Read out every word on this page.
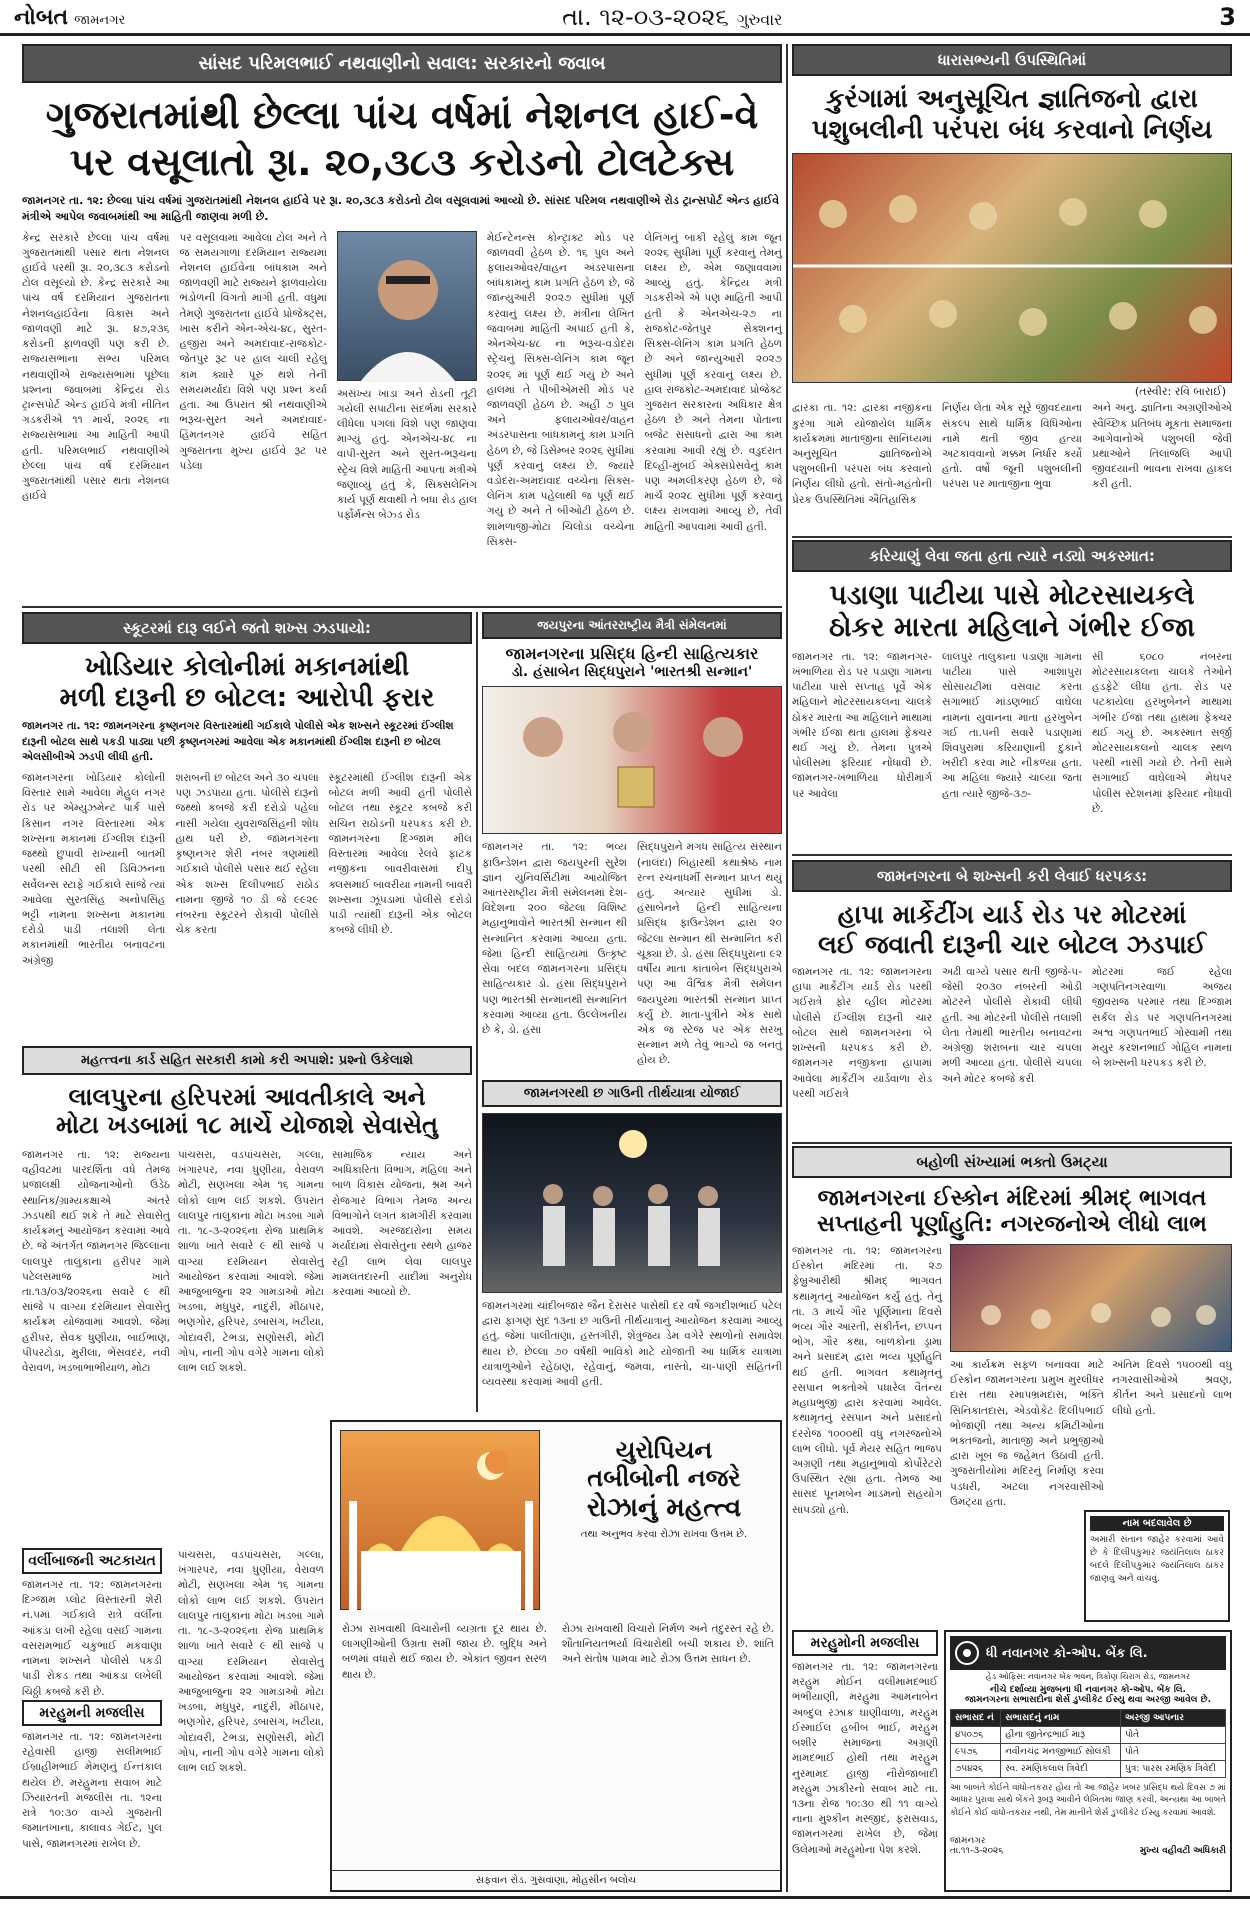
નોબત જામનગર	તા. ૧૨-૦૩-૨૦૨૬ ગુરુવાર	3
સાંસદ પરિમલભાઈ નથવાણીનો સવાલ: સરકારનો જવાબ
ગુજરાતમાંથી છેલ્લા પાંચ વર્ષમાં નેશનલ હાઈ-વે
પર વસૂલાતો રૂા. ૨૦,૩૮૩ કરોડનો ટોલટેક્સ
જામનગર તા. ૧૨: છેલ્લા પાંચ વર્ષમાં ગુજરાતમાંથી નેશનલ હાઈવે પર રૂા. ૨૦,૩૮૩ કરોડનો ટોલ વસૂલવામાં આવ્યો છે. સાંસદ પરિમલ નથવાણીએ રોડ ટ્રાન્સપોર્ટ એન્ડ હાઈવે મંત્રીએ આપેલ જવાબમાંથી આ માહિતી જાણવા મળી છે.
કેન્દ્ર સરકારે છેલ્લા પાંચ વર્ષમાં ગુજરાતમાંથી પસાર થતા નેશનલ હાઈવે પરથી રૂા. ૨૦,૩૮૩ કરોડનો ટોલ વસૂલ્યો છે. કેન્દ્ર સરકારે આ પાંચ વર્ષ દરમિયાન ગુજરાતના નેશનલહાઈવેના વિકાસ અને જાળવણી માટે રૂા. ૪૭,૨૩૬ કરોડની ફાળવણી પણ કરી છે. રાજ્યસભાના સભ્ય પરિમલ નથવાણીએ રાજ્યસભામાં પૂછેલા પ્રશ્નના જવાબમાં કેન્દ્રિય રોડ ટ્રાન્સપોર્ટ એન્ડ હાઈવે મંત્રી નીતિન ગડકરીએ ૧૧ માર્ચ, ૨૦૨૬ ના રાજ્યસભામાં આ માહિતી આપી હતી. પરિમલભાઈ નથવાણીએ છેલ્લા પાંચ વર્ષ દરમિયાન ગુજરાતમાંથી પસાર થતા નેશનલ હાઈવે
પર વસૂલવામાં આવેલા ટોલ અને તે જ સમયગાળા દરમિયાન રાજ્યમાં નેશનલ હાઈવેના બાંધકામ અને જાળવણી માટે રાજ્યને ફાળવાયેલા ભંડોળની વિગતો માગી હતી. વધુમાં તેમણે ગુજરાતના હાઈવે પ્રોજેક્ટ્સ, ખાસ કરીને એન-એચ-૪૮, સુરત-હજીરા અને અમદાવાદ-રાજકોટ-જેતપુર રૂટ પર હાલ ચાલી રહેલું કામ ક્યારે પૂરું થશે તેની સમયમર્યાદા વિશે પણ પ્રશ્ન કર્યા હતા. આ ઉપરાંત શ્રી નથવાણીએ ભરૂચ-સુરત અને અમદાવાદ-હિંમતનગર હાઈવે સહિત ગુજરાતના મુખ્ય હાઈવે રૂટ પર પડેલા
અસંખ્ય ખાડા અને રોડની તૂટી ગયેલી સપાટીના સંદર્ભમાં સરકારે લીધેલા પગલાં વિશે પણ જાણવા માગ્યું હતું. એનએચ-૪૮ ના વાપી-સુરત અને સુરત-ભરૂચના સ્ટ્રેચ વિશે માહિતી આપતા મંત્રીએ જણાવ્યું હતું કે, સિક્સલેનિંગ કાર્ય પૂર્ણ થવાથી તે બધા રોડ હાલ પર્ફોર્મન્સ બેઝ્ડ રોડ
મેઈન્ટેનન્સ કોન્ટ્રાક્ટ મોડ પર જાળવવી હેઠળ છે. ૧૬ પુલ અને ફલાયઓવર/વાહન અંડરપાસના બાંધકામનું કામ પ્રગતિ હેઠળ છે, જે જાન્યુઆરી ૨૦૨૭ સુધીમાં પૂર્ણ કરવાનું લક્ષ્ય છે. મંત્રીના લેખિત જવાબમાં માહિતી અપાઈ હતી કે, એનએચ-૪૮ ના ભરૂચ-વડોદરા સ્ટ્રેચનું સિક્સ-લેનિંગ કામ જૂન ૨૦૨૬ માં પૂર્ણ થઈ ગયું છે અને હાલમાં તે પીબીએમસી મોડ પર જાળવણી હેઠળ છે. અહીં ૭ પુલ અને ફલાયઓવર/વાહન અંડરપાસના બાંધકામનું કામ પ્રગતિ હેઠળ છે, જે ડિસેમ્બર ૨૦૨૬ સુધીમાં પૂર્ણ કરવાનું લક્ષ્ય છે. જ્યારે વડોદરા-અમદાવાદ વચ્ચેના સિક્સ-લેનિંગ કામ પહેલાથી જ પૂર્ણ થઈ ગયું છે અને તે બીઓટી હેઠળ છે. શામળાજી-મોટા ચિલોડા વચ્ચેના સિક્સ-
લેનિંગનું બાકી રહેલું કામ જૂન ૨૦૨૬ સુધીમાં પૂર્ણ કરવાનું તેમનું લક્ષ્ય છે, એમ જણાવવામાં આવ્યું હતું. કેન્દ્રિય મંત્રી ગડકરીએ એ પણ માહિતી આપી હતી કે એનએચ-૨૭ ના રાજકોટ-જેતપુર સેક્શનનું સિક્સ-લેનિંગ કામ પ્રગતિ હેઠળ છે અને જાન્યુઆરી ૨૦૨૭ સુધીમાં પૂર્ણ કરવાનું લક્ષ્ય છે. હાલ રાજકોટ-અમદાવાદ પ્રોજેક્ટ ગુજરાત સરકારના અધિકાર ક્ષેત્ર હેઠળ છે અને તેમના પોતાના બજેટ સંસાધનો દ્વારા આ કામ કરવામાં આવી રહ્યું છે. વડુદરાત દિલ્હી-મુંબઈ એક્સપ્રેસવેનું કામ પણ અમલીકરણ હેઠળ છે, જે માર્ચ ૨૦૨૮ સુધીમાં પૂર્ણ કરવાનું લક્ષ્ય રાખવામાં આવ્યું છે, તેવી માહિતી આપવામાં આવી હતી.
ધારાસભ્યની ઉપસ્થિતિમાં
કુરંગામાં અનુસૂચિત જ્ઞાતિજનો દ્વારા
પશુબલીની પરંપરા બંધ કરવાનો નિર્ણય
(તસ્વીર: રવિ બારાઈ)
દ્વારકા તા. ૧૨: દ્વારકા નજીકના કુરંગા ગામે યોજાયેલ ધાર્મિક કાર્યક્રમમાં માતાજીના સાનિધ્યમાં અનુસૂચિત જ્ઞાતિજનોએ પશુબલીની પરંપરા બંધ કરવાનો નિર્ણય લીધો હતો. સંતો-મહંતોની પ્રેરક ઉપસ્થિતિમાં ઐતિહાસિક
નિર્ણય લેતા એક સૂરે જીવદયાના સંકલ્પ સાથે ધાર્મિક વિધિઓના નામે થતી જીવ હત્યા અટકાવવાનો મક્કમ નિર્ધાર કર્યો હતો. વર્ષો જૂની પશુબલીની પરંપરા પર માતાજીના ભુવા
અને અનુ. જ્ઞાતિના અગ્રણીઓએ સ્વૈચ્છિક પ્રતિબંધ મૂકતા સમાજના આગેવાનોએ પશુબલી જેવી પ્રથાઓને તિલાંજલિ આપી જીવદયાની ભાવના રાખવા હાકલ કરી હતી.
કરિયાણું લેવા જતા હતા ત્યારે નડ્યો અકસ્માત:
પડાણા પાટીયા પાસે મોટરસાયકલે
ઠોકર મારતા મહિલાને ગંભીર ઈજા
જામનગર તા. ૧૨: જામનગર-ખંભાળિયા રોડ પર પડાણા ગામના પાટીયા પાસે સપ્તાહ પૂર્વે એક મહિલાને મોટરસાયકલના ચાલકે ઠોકર મારતા આ મહિલાને માથામાં ગંભીર ઈજા થતા હાલમાં ફેક્ચર થઈ ગયું છે. તેમના પુત્રએ પોલીસમાં ફરિયાદ નોંધાવી છે. જામનગર-ખંભાળિયા ધોરીમાર્ગ પર આવેલા
લાલપુર તાલુકાના પડાણા ગામના પાટીયા પાસે આશાપુરા સોસાયટીમાં વસવાટ કરતા સગાભાઈ માંડણભાઈ વાઘેલા નામના યુવાનના માતા હરખુબેન ગઈ તા.૫ની સવારે પડાણામાં શિવપુરામાં કરિયાણાની દુકાને ખરીદી કરવા માટે નીકળ્યા હતા. આ મહિલા જ્યારે ચાલ્યા જતા હતા ત્યારે જીજે-૩૭-
સી ૬૦૮૦ નંબરના મોટરસાયકલના ચાલકે તેઓને હડફેટે લીધા હતા. રોડ પર પટકાયેલા હરખુબેનને માથામાં ગંભીર ઈજા તથા હાથમાં ફેક્ચર થઈ ગયું છે. અકસ્માત સર્જી મોટરસાયકલનો ચાલક સ્થળ પરથી નાસી ગયો છે. તેની સામે સગાભાઈ વાઘેલાએ મેઘપર પોલીસ સ્ટેશનમાં ફરિયાદ નોંધાવી છે.
જામનગરના બે શખ્સની કરી લેવાઈ ધરપકડ:
હાપા માર્કેટીંગ યાર્ડ રોડ પર મોટરમાં
લઈ જવાતી દારૂની ચાર બોટલ ઝડપાઈ
જામનગર તા. ૧૨: જામનગરના હાપા માર્કેટીંગ યાર્ડ રોડ પરથી ગઈરાત્રે ફોર વ્હીલ મોટરમાં પોલીસે ઈંગ્લીશ દારૂની ચાર બોટલ સાથે જામનગરના બે શખ્સની ધરપકડ કરી છે. જામનગર નજીકના હાપામાં આવેલા માર્કેટીંગ યાર્ડવાળા રોડ પરથી ગઈરાત્રે
અઢી વાગ્યે પસાર થતી જીજે-૫-જેસી ૨૦૩૦ નંબરની ઓડી મોટરને પોલીસે રોકાવી લીધી હતી. આ મોટરની પોલીસે તલાશી લેતા તેમાંથી ભારતીય બનાવટના અંગ્રેજી શરાબના ચાર ચપલા મળી આવ્યા હતા. પોલીસે ચપલા અને મોટર કબજે કરી
મોટરમાં જઈ રહેલા ગણપતિનગરવાળા અજય જીવરાજ પરમાર તથા દિગ્જામ સર્કલ રોડ પર ગણપતિનગરમાં અશ્વ ગણપતભાઈ ગોસ્વામી તથા મયુર કરશનભાઈ ગોહિલ નામના બે શખ્સની ધરપકડ કરી છે.
બહોળી સંખ્યામાં ભક્તો ઉમટ્યા
જામનગરના ઈસ્કોન મંદિરમાં શ્રીમદ્ ભાગવત
સપ્તાહની પૂર્ણાહુતિ: નગરજનોએ લીધો લાભ
જામનગર તા. ૧૨: જામનગરના ઈસ્કોન મંદિરમાં તા. ૨૭ ફેબ્રુઆરીથી શ્રીમદ્ ભાગવત કથામૃતનું આયોજન કર્યું હતું. તેનું તા. ૩ માર્ચે ગૌર પૂર્ણિમાના દિવસે ભવ્ય ગૌર આરતી, સંકીર્તન, છપ્પન ભોગ, ગૌર કથા, બાળકોના ડ્રામા અને પ્રસાદમ્ દ્વારા ભવ્ય પૂર્ણાહુતિ થઈ હતી. ભાગવત કથામૃતનું રસપાન ભક્તોએ પધારેલ વૈતન્ય મહાપ્રભુજી દ્વારા કરવામાં આવેલ. કથામૃતનું રસપાન અને પ્રસાદનો દરરોજ ૧૦૦૦થી વધુ નગરજનોએ લાભ લીધો. પૂર્વ મેયર સહિત ભાજપ અગ્રણી તથા મહાનુભાવો કોર્પોરેટરો ઉપસ્થિત રહ્યા હતા. તેમજ આ સાંસદ પૂનમબેન માડમનો સહયોગ સાંપડ્યો હતો.
આ કાર્યક્રમ સફળ બનાવવા માટે ઈસ્કોન જામનગરના પ્રમુખ મુરલીધર દાસ તથા રમાપભ્રમદાસ, ભક્તિ સિનિકાંતદાસ, એડવોકેટ દિલીપભાઈ ભોજાણી તથા અન્ય કમિટીઓના ભક્તજનો, માતાજી અને પ્રભુજીઓ દ્વારા ખૂબ જ જહેમત ઉઠાવી હતી. ગુજરાતીયોમાં મંદિરનું નિર્માણ કરવા પડધરી, અટલા નગરવાસીઓ ઉમટ્યા હતા.
અંતિમ દિવસે ૧૫૦૦થી વધુ નગરવાસીઓએ શ્રવણ, કીર્તન અને પ્રસાદનો લાભ લીધો હતો.
નામ બદલાવેલ છે
અમારી સંતાન જાહેર કરવામાં આવે છે કે દિલીપકુમાર જયંતિલાલ ઠાકર બદલે દિલીપકુમાર જયંતિલાલ ઠાકર જાણવું અને વાંચવું.
ધી નવાનગર કો-ઓપ. બેંક લિ.
હેડ ઓફિસ: નવાનગર બેંક ભવન, ત્રિકોણ ચિરાગ રોડ, જામનગર
નીચે દર્શાવ્યા મુજબના ધી નવાનગર કો-ઓપ. બેંક લિ.
જામનગરના સભાસદોના શેર્સ ડુપ્લીકેટ ઈસ્યુ થવા અરજી આવેલ છે.
સભાસદ નં	સભાસદનું નામ	અરજી આપનાર
૪૫૦૭૬	હીના જીતેન્દ્રભાઈ મારૂ	પોતે
૯૫૭૬	નવીનચંદ્ર મનજીભાઈ સોલંકી	પોતે
૭૫૪૨૬	સ્વ. રમણિકલાલ ત્રિવેદી	પુત્ર: પારસ રમણિક ત્રિવેદી
આ બાબતે કોઈને વાંધો-તકરાર હોય તો આ જાહેર ખબર પ્રસિદ્ધ થયે દિવસ ૭ માં આધાર પુરાવા સાથે બેંકને રૂબરૂ આવીને લેખિતમાં જાણ કરવી, અન્યથા આ બાબતે કોઈને કોઈ વાંધો-તકરાર નથી, તેમ માનીને શેર્સ ડુપ્લીકેટ ઈસ્યુ કરવામાં આવશે.
જામનગર
તા.૧૧-૩-૨૦૨૬	મુખ્ય વહીવટી અધિકારી
સ્કૂટરમાં દારૂ લઈને જતો શખ્સ ઝડપાયો:
ખોડિયાર કોલોનીમાં મકાનમાંથી
મળી દારૂની છ બોટલ: આરોપી ફરાર
જામનગર તા. ૧૨: જામનગરના કૃષ્ણનગર વિસ્તારમાંથી ગઈકાલે પોલીસે એક શખ્સને સ્કૂટરમાં ઈંગ્લીશ દારૂની બોટલ સાથે પકડી પાડ્યા પછી કૃષ્ણનગરમાં આવેલા એક મકાનમાંથી ઈંગ્લીશ દારૂની છ બોટલ એલસીબીએ ઝડપી લીધી હતી.
જામનગરના ખોડિયાર કોલોની વિસ્તાર સામે આવેલા મેહુલ નગર રોડ પર એમ્યુઝમેન્ટ પાર્ક પાસે કિસાન નગર વિસ્તારમાં એક શખ્સના મકાનમાં ઈંગ્લીશ દારૂની જથ્થો છુપાવી રાખ્યાની બાતમી પરથી સીટી સી ડિવિઝનના સર્વેલન્સ સ્ટાફે ગઈકાલે સાંજે ત્યાં આવેલા સુરતસિંહ અનોપસિંહ ભટ્ટી નામના શખ્સના મકાનમાં દરોડો પાડી તલાશી લેતા મકાનમાંથી ભારતીય બનાવટના અંગ્રેજી
શરાબની છ બોટલ અને ૩૦ ચપલા પણ ઝડપાયા હતા. પોલીસે દારૂનો જથ્થો કબજે કરી દરોડો પહેલાં નાસી ગયેલા યુવરાજસિંહની શોધ હાથ ધરી છે. જામનગરના કૃષ્ણનગર શેરી નંબર ત્રણમાંથી ગઈકાલે પોલીસે પસાર થઈ રહેલા એક શખ્સ દિલીપભાઈ રાઠોડ નામના જીજે ૧૦ ડી જે ૯૯૨૯ નંબરના સ્કૂટરને રોકાવી પોલીસે ચેક કરતા
સ્કૂટરમાંથી ઈંગ્લીશ દારૂની એક બોટલ મળી આવી હતી પોલીસે બોટલ તથા સ્કૂટર કબજે કરી સચિન રાઠોડની ધરપકડ કરી છે. જામનગરના દિગ્જામ મીલ વિસ્તારમાં આવેલા રેલવે ફાટક નજીકના બાવરીવાસમાં દીપુ ક્લસમાઈ બાવરીયા નામની બાવરી શખ્સના ઝૂંપડામાં પોલીસે દરોડો પાડી ત્યાંથી દારૂની એક બોટલ કબજે લીધી છે.
જયપુરના આંતરરાષ્ટ્રીય મૈત્રી સંમેલનમાં
જામનગરના પ્રસિદ્ધ હિન્દી સાહિત્યકાર
ડો. હંસાબેન સિદ્ધપુરાને 'ભારતશ્રી સન્માન'
જામનગર તા. ૧૨: ભવ્ય ફાઉન્ડેશન દ્વારા જયપુરની સુરેશ જ્ઞાન યુનિવર્સિટીમાં આયોજિત આંતરરાષ્ટ્રીય મૈત્રી સંમેલનમાં દેશ-વિદેશના ૨૦૦ જેટલા વિશિષ્ટ મહાનુભાવોને ભારતશ્રી સન્માન થી સન્માનિત કરવામાં આવ્યા હતા. જેમાં હિન્દી સાહિત્યમાં ઉત્કૃષ્ટ સેવા બદલ જામનગરના પ્રસિદ્ધ સાહિત્યકાર ડો. હંસા સિદ્ધપુરાને પણ ભારતશ્રી સન્માનથી સન્માનિત કરવામાં આવ્યા હતા. ઉલ્લેખનીય છે કે, ડો. હંસા
સિદ્ધપુરાને મગધ સાહિત્ય સંસ્થાન (નાલંદા) બિહારથી કથાશ્રેષ્ઠ નામ રત્ન રચનાધર્મી સન્માન પ્રાપ્ત થયું હતું. અત્યાર સુધીમાં ડો. હંસાબેનને હિન્દી સાહિત્યના પ્રસિદ્ધ ફાઉન્ડેશન દ્વારા ૨૦ જેટલા સન્માન થી સન્માનિત કરી ચૂક્યા છે. ડો. હંસા સિદ્ધપુરાના ૯૨ વર્ષીય માતા કાંતાબેન સિદ્ધપુરાએ પણ આ વૈશ્વિક મૈત્રી સંમેલન જયપુરમાં ભારતશ્રી સન્માન પ્રાપ્ત કર્યું છે. માતા-પુત્રીને એક સાથે એક જ સ્ટેજ પર એક સરખુ સન્માન મળે તેવું ભાગ્યે જ બનતું હોય છે.
મહત્ત્વના કાર્ડ સહિત સરકારી કામો કરી અપાશે: પ્રશ્નો ઉકેલાશે
લાલપુરના હરિપરમાં આવતીકાલે અને
મોટા ખડબામાં ૧૮ માર્ચે યોજાશે સેવાસેતુ
જામનગર તા. ૧૨: રાજ્યના વહીવટમાં પારદર્શિતા વધે તેમજ પ્રજાલક્ષી યોજનાઓનો ઉંડેઠ સ્થાનિક/ગ્રામ્યકક્ષાએ અંતરે ઝડપથી થઈ શકે તે માટે સેવાસેતુ કાર્યક્રમનું આયોજન કરવામાં આવે છે. જે અંતર્ગત જામનગર જિલ્લાના લાલપુર તાલુકાના હરીપર ગામે પટેલસમાજ ખાતે તા.૧૩/૦૩/૨૦૨૬ના સવારે ૯ થી સાંજે ૫ વાગ્યા દરમિયાન સેવાસેતુ કાર્યક્રમ યોજવામાં આવશે. જેમાં હરીપર, સેવક ધુણીયા, બાઈભાણ, પીપરટોડા, મુરીલા, ભેંસવદર, નવી વેરાવળ, ખડબાભાભીયાળ, મોટા
પાંચસરા, વડપાંચસરા, ગલ્લા, ખંગારપર, નવા ધુણીયા, વેરાવળ મોટી, સણખલા એમ ૧૬ ગામના લોકો લાભ લઈ શકશે. ઉપરાંત લાલપુર તાલુકાના મોટા ખડબા ગામે તા. ૧૮-૩-૨૦૨૬ના રોજ પ્રાથમિક શાળા ખાતે સવારે ૯ થી સાંજે ૫ વાગ્યા દરમિયાન સેવાસેતુ આયોજન કરવામાં આવશે. જેમાં આજુબાજુના ૨૨ ગામડાઓ મોટા ખડબા, મધુપુર, નાંદુરી, મીઠાપર, ભણગોર, હરિપર, ડબાસંગ, ખટીયા, ગોદાવરી, ટેભડા, સણોસરી, મોટી ગોપ, નાની ગોપ વગેરે ગામના લોકો લાભ લઈ શકશે.
સામાજિક ન્યાય અને અધિકારિતા વિભાગ, મહિલા અને બાળ વિકાસ યોજના, શ્રમ અને રોજગાર વિભાગ તેમજ અન્ય વિભાગોને લગત કામગીરી કરવામાં આવશે. અરજદારોના સમય મર્યાદામાં સેવાસેતુના સ્થળે હાજર રહી લાભ લેવા લાલપુર મામલતદારની યાદીમાં અનુરોધ કરવામાં આવ્યો છે.
જામનગરથી છ ગાઉની તીર્થયાત્રા યોજાઈ
જામનગરમાં ચાંદીબજાર જૈન દેરાસર પાસેથી દર વર્ષે જગદીશભાઈ પટેલ દ્વારા ફાગણ સુદ ૧૩ના છ ગાઉની તીર્થયાત્રાનું આયોજન કરવામાં આવ્યું હતું. જેમાં પાલીતાણા, હસ્તગીરી, શેત્રુંજય ડેમ વગેરે સ્થળોનો સમાવેશ થાય છે. છેલ્લા ૭૦ વર્ષથી ભાવિકો માટે યોજાતી આ ધાર્મિક યાત્રામાં યાત્રાળુઓને રહેઠાણ, રહેવાનું, જમવા, નાસ્તો, ચા-પાણી સહિતની વ્યવસ્થા કરવામાં આવી હતી.
યુરોપિયન
તબીબોની નજરે
રોઝાનું મહત્ત્વ
તથા અનુભવ કરવા રોઝા રાખવા ઉત્તમ છે.
રોઝા રાખવાથી વિચારોની વ્યગ્રતા દૂર થાય છે. લાગણીઓની ઉગ્રતા સમી જાય છે. બુદ્ધિ અને બળમાં વધારો થઈ જાય છે. એકાંત જીવન સરળ થાય છે.
રોઝા રાખવાથી વિચારો નિર્મળ અને તંદુરસ્ત રહે છે. શૌતાનિયતભર્યા વિચારોથી બચી શકાય છે. શાંતિ અને સંતોષ પામવા માટે રોઝા ઉત્તમ સાધન છે.
સફવાન રોડ. ગુસવાણા, મોહસીન બલોચ
વર્લીબાજની અટકાયત
જામનગર તા. ૧૨: જામનગરના દિગ્જામ પ્લોટ વિસ્તારની શેરી નં.૫માં ગઈકાલે રાત્રે વર્લીના આંકડા લખી રહેલા વસઈ ગામના વસરામભાઈ ચકુભાઈ મકવાણા નામના શખ્સને પોલીસે પકડી પાડી રોકડ તથા આંકડા લખેલી ચિઠ્ઠી કબજે કરી છે.
મરહુમની મજલીસ
જામનગર તા. ૧૨: જામનગરના રહેવાસી હાજી સલીમભાઈ ઈબ્રાહીમભાઈ મેમણનું ઈન્તકાલ થયેલ છે. મરહુમના સવાબ માટે ઝિયારતની મજલીસ તા. ૧૨ના રાત્રે ૧૦:૩૦ વાગ્યે ગુજરાતી જમાતખાના, કાલાવડ ગેઈટ, પુલ પાસે, જામનગરમાં રાખેલ છે.
પાંચસરા, વડપાંચસરા, ગલ્લા, ખંગારપર, નવા ધુણીયા, વેરાવળ મોટી, સણખલા એમ ૧૬ ગામના લોકો લાભ લઈ શકશે. ઉપરાંત લાલપુર તાલુકાના મોટા ખડબા ગામે તા. ૧૮-૩-૨૦૨૬ના રોજ પ્રાથમિક શાળા ખાતે સવારે ૯ થી સાંજે ૫ વાગ્યા દરમિયાન સેવાસેતુ આયોજન કરવામાં આવશે. જેમાં આજુબાજુના ૨૨ ગામડાઓ મોટા ખડબા, મધુપુર, નાંદુરી, મીઠાપર, ભણગોર, હરિપર, ડબાસંગ, ખટીયા, ગોદાવરી, ટેભડા, સણોસરી, મોટી ગોપ, નાની ગોપ વગેરે ગામના લોકો લાભ લઈ શકશે.
મરહુમોની મજલીસ
જામનગર તા. ૧૨: જામનગરના મરહુમ મોઈન વલીમામદભાઈ ભંભીયાણી, મરહુમા આમનાબેન અબ્દુલ રઝાક ઘાણીવાળા, મરહુમ ઈસ્માઈલ હબીબ ભાઈ, મરહુમ બશીર સમાજના અગ્રણી મામદભાઈ હોથી તથા મરહુમ નુરમામદ હાજી નૌરોજાબાદી મરહુમ ઝાકીરનો સવાબ માટે તા. ૧૩ના રોજ ૧૦:૩૦ થી ૧૧ વાગ્યે નાના મુશ્કીન મસ્જીદ, ફરાસવાડ, જામનગરમાં રાખેલ છે, જેમાં ઉલેમાઓ મરહુમોના પેશ કરશે.
